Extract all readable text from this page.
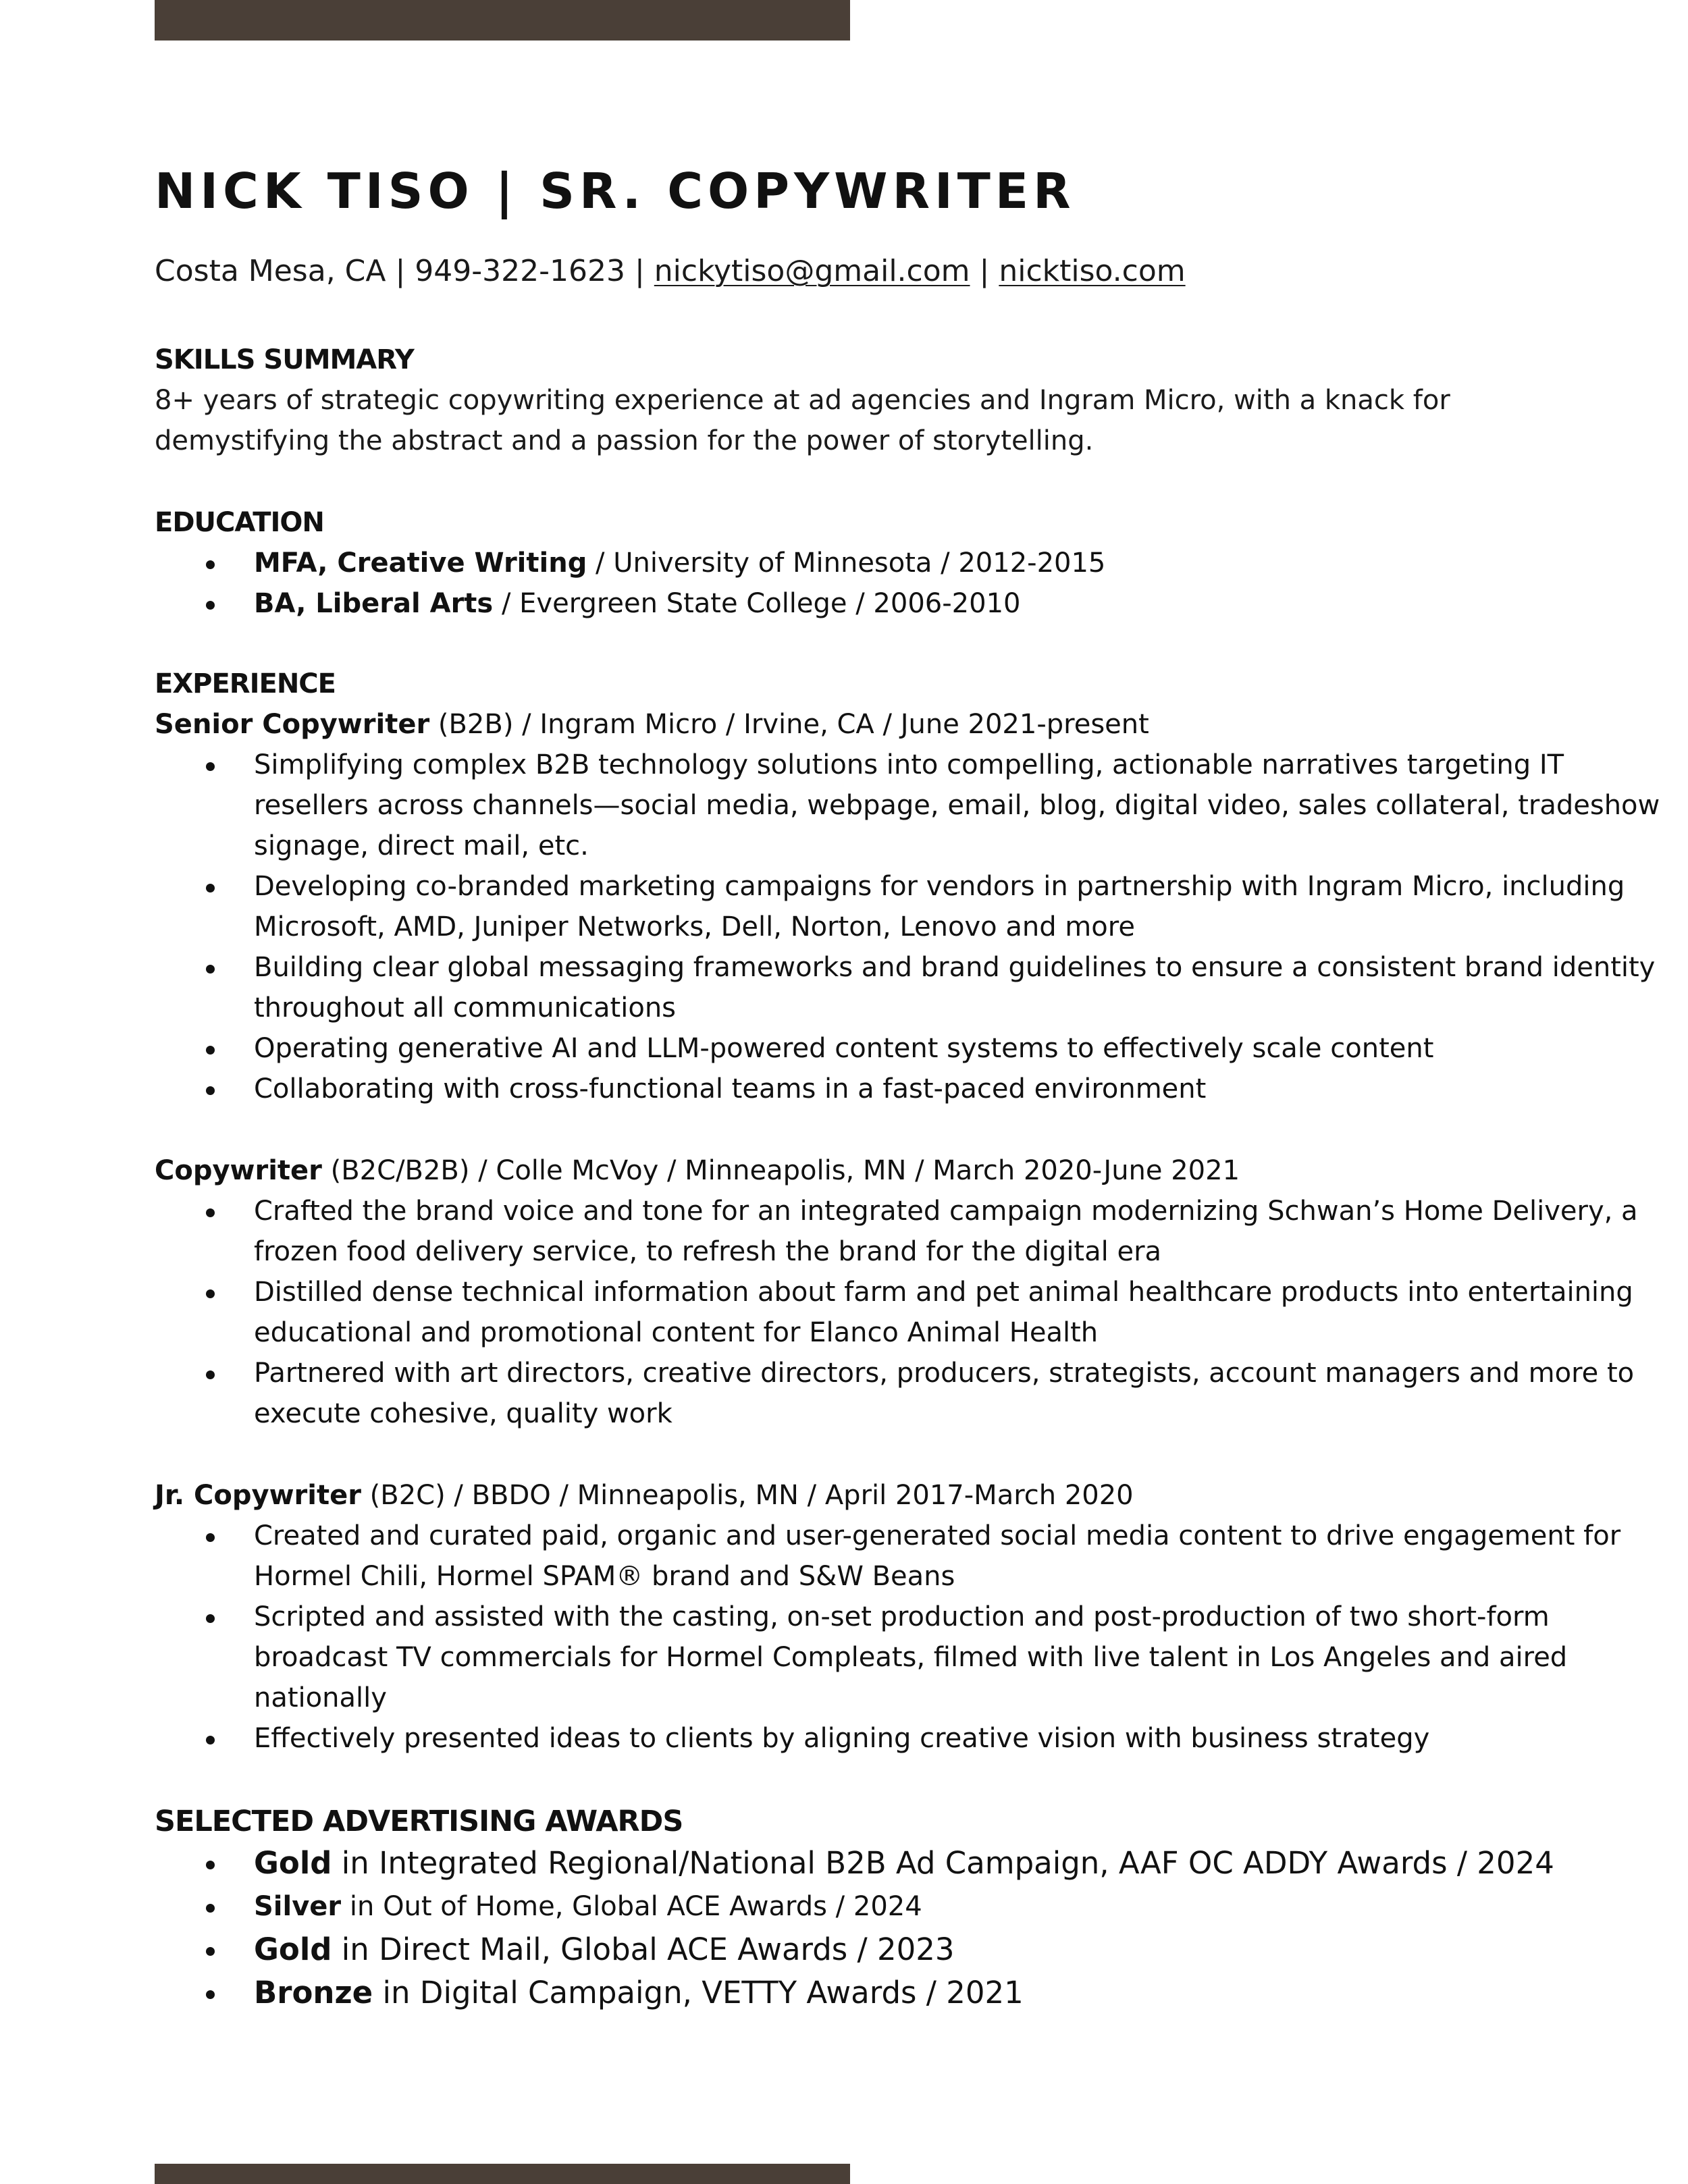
NICK TISO | SR. COPYWRITER
Costa Mesa, CA | 949-322-1623 | nickytiso@gmail.com | nicktiso.com

SKILLS SUMMARY

8+ years of strategic copywriting experience at ad agencies and Ingram Micro, with a knack for demystifying the abstract and a passion for the power of storytelling.

EDUCATION

MFA, Creative Writing / University of Minnesota / 2012-2015
BA, Liberal Arts / Evergreen State College / 2006-2010

EXPERIENCE

Senior Copywriter (B2B) / Ingram Micro / Irvine, CA / June 2021-present
Simplifying complex B2B technology solutions into compelling, actionable narratives targeting IT resellers across channels—social media, webpage, email, blog, digital video, sales collateral, tradeshow signage, direct mail, etc.
Developing co-branded marketing campaigns for vendors in partnership with Ingram Micro, including Microsoft, AMD, Juniper Networks, Dell, Norton, Lenovo and more
Building clear global messaging frameworks and brand guidelines to ensure a consistent brand identity throughout all communications
Operating generative AI and LLM-powered content systems to effectively scale content
Collaborating with cross-functional teams in a fast-paced environment
Copywriter (B2C/B2B) / Colle McVoy / Minneapolis, MN / March 2020-June 2021
Crafted the brand voice and tone for an integrated campaign modernizing Schwan’s Home Delivery, a frozen food delivery service, to refresh the brand for the digital era
Distilled dense technical information about farm and pet animal healthcare products into entertaining educational and promotional content for Elanco Animal Health
Partnered with art directors, creative directors, producers, strategists, account managers and more to execute cohesive, quality work
Jr. Copywriter (B2C) / BBDO / Minneapolis, MN / April 2017-March 2020
Created and curated paid, organic and user-generated social media content to drive engagement for Hormel Chili, Hormel SPAM® brand and S&W Beans
Scripted and assisted with the casting, on-set production and post-production of two short-form broadcast TV commercials for Hormel Compleats, filmed with live talent in Los Angeles and aired nationally
Effectively presented ideas to clients by aligning creative vision with business strategy

SELECTED ADVERTISING AWARDS

Gold in Integrated Regional/National B2B Ad Campaign, AAF OC ADDY Awards / 2024
Silver in Out of Home, Global ACE Awards / 2024
Gold in Direct Mail, Global ACE Awards / 2023
Bronze in Digital Campaign, VETTY Awards / 2021
